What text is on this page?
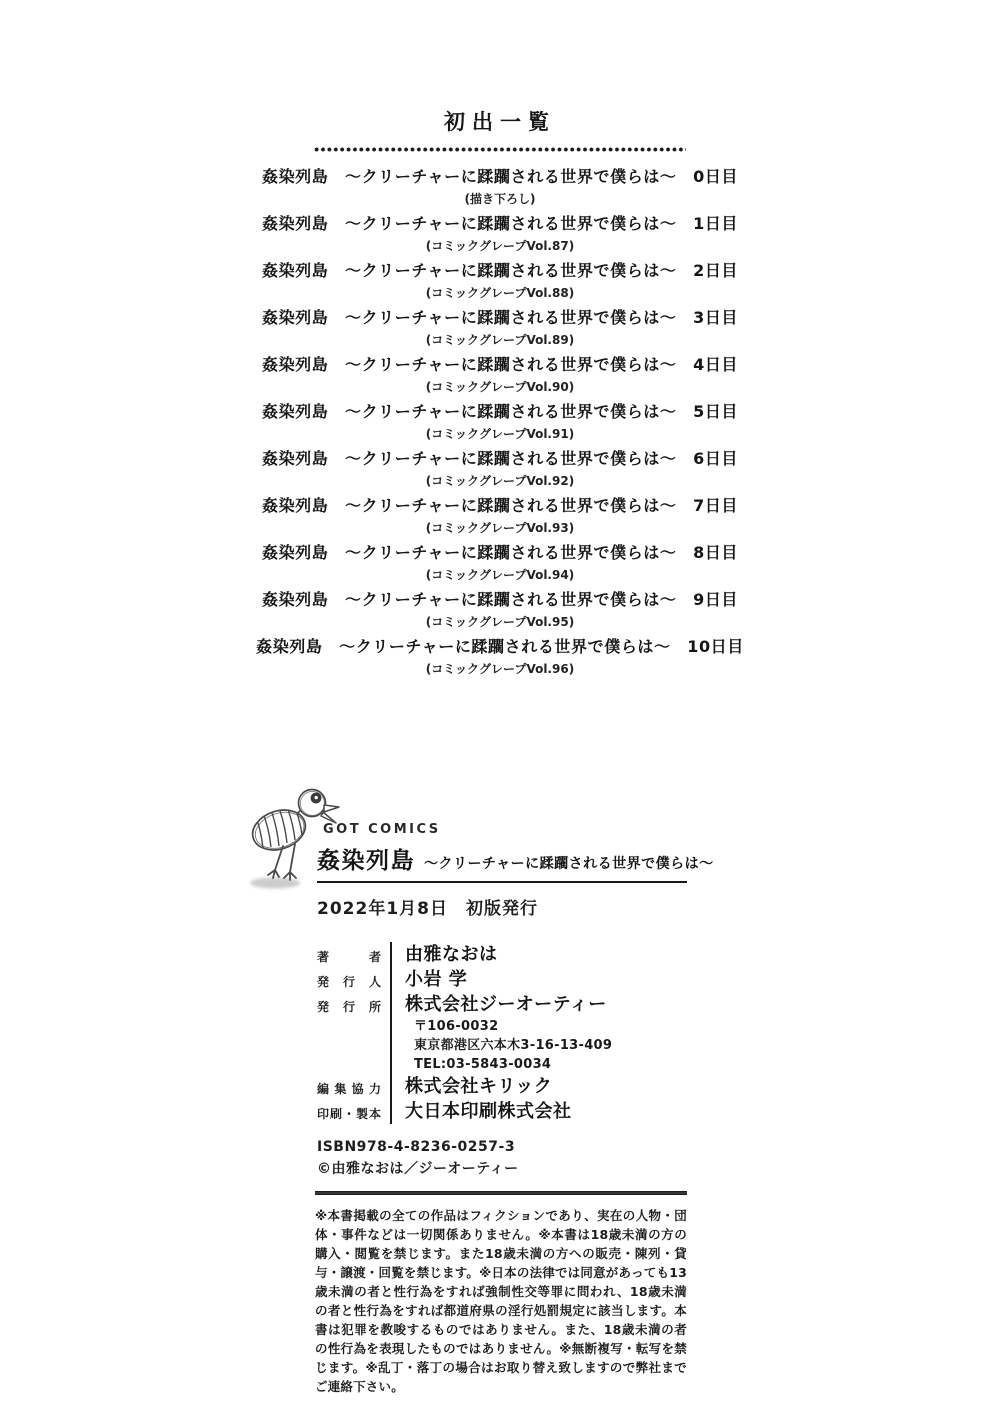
初出一覧
姦染列島　〜クリーチャーに蹂躙される世界で僕らは〜　0日目
(描き下ろし)
姦染列島　〜クリーチャーに蹂躙される世界で僕らは〜　1日目
(コミックグレープVol.87)
姦染列島　〜クリーチャーに蹂躙される世界で僕らは〜　2日目
(コミックグレープVol.88)
姦染列島　〜クリーチャーに蹂躙される世界で僕らは〜　3日目
(コミックグレープVol.89)
姦染列島　〜クリーチャーに蹂躙される世界で僕らは〜　4日目
(コミックグレープVol.90)
姦染列島　〜クリーチャーに蹂躙される世界で僕らは〜　5日目
(コミックグレープVol.91)
姦染列島　〜クリーチャーに蹂躙される世界で僕らは〜　6日目
(コミックグレープVol.92)
姦染列島　〜クリーチャーに蹂躙される世界で僕らは〜　7日目
(コミックグレープVol.93)
姦染列島　〜クリーチャーに蹂躙される世界で僕らは〜　8日目
(コミックグレープVol.94)
姦染列島　〜クリーチャーに蹂躙される世界で僕らは〜　9日目
(コミックグレープVol.95)
姦染列島　〜クリーチャーに蹂躙される世界で僕らは〜　10日目
(コミックグレープVol.96)
GOT COMICS
姦染列島 〜クリーチャーに蹂躙される世界で僕らは〜
2022年1月8日　初版発行
著者 由雅なおは
発行人 小岩 学
発行所 株式会社ジーオーティー
〒106-0032
東京都港区六本木3-16-13-409
TEL:03-5843-0034
編集協力 株式会社キリック
印刷・製本 大日本印刷株式会社
ISBN978-4-8236-0257-3
©由雅なおは／ジーオーティー
※本書掲載の全ての作品はフィクションであり、実在の人物・団体・事件などは一切関係ありません。※本書は18歳未満の方の購入・閲覧を禁じます。また18歳未満の方への販売・陳列・貸与・譲渡・回覧を禁じます。※日本の法律では同意があっても13歳未満の者と性行為をすれば強制性交等罪に問われ、18歳未満の者と性行為をすれば都道府県の淫行処罰規定に該当します。本書は犯罪を教唆するものではありません。また、18歳未満の者の性行為を表現したものではありません。※無断複写・転写を禁じます。※乱丁・落丁の場合はお取り替え致しますので弊社までご連絡下さい。
